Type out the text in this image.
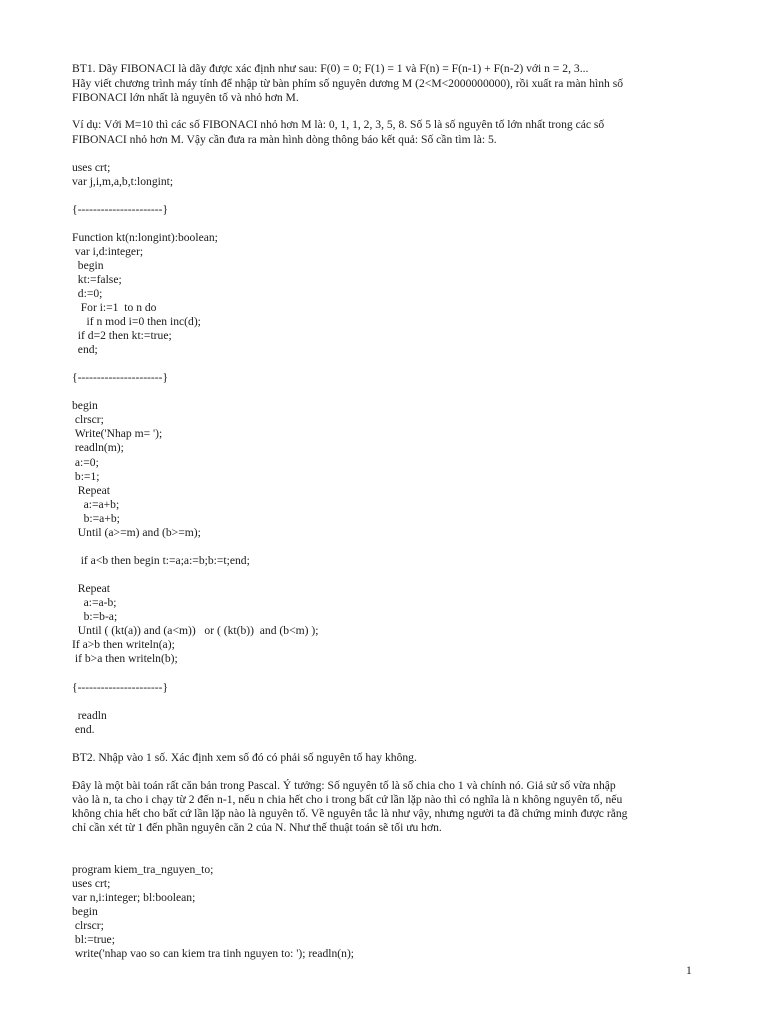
BT1. Dãy FIBONACI là dãy được xác định như sau: F(0) = 0; F(1) = 1 và F(n) = F(n-1) + F(n-2) với n = 2, 3...
Hãy viết chương trình máy tính để nhập từ bàn phím số nguyên dương M (2<M<2000000000), rồi xuất ra màn hình số
FIBONACI lớn nhất là nguyên tố và nhỏ hơn M.
Ví dụ: Với M=10 thì các số FIBONACI nhỏ hơn M là: 0, 1, 1, 2, 3, 5, 8. Số 5 là số nguyên tố lớn nhất trong các số
FIBONACI nhỏ hơn M. Vậy cần đưa ra màn hình dòng thông báo kết quả: Số cần tìm là: 5.
uses crt;
var j,i,m,a,b,t:longint;
{----------------------}
Function kt(n:longint):boolean;
var i,d:integer;
begin
kt:=false;
d:=0;
For i:=1  to n do
if n mod i=0 then inc(d);
if d=2 then kt:=true;
end;
{----------------------}
begin
clrscr;
Write('Nhap m= ');
readln(m);
a:=0;
b:=1;
Repeat
a:=a+b;
b:=a+b;
Until (a>=m) and (b>=m);
if a<b then begin t:=a;a:=b;b:=t;end;
Repeat
a:=a-b;
b:=b-a;
Until ( (kt(a)) and (a<m))   or ( (kt(b))  and (b<m) );
If a>b then writeln(a);
if b>a then writeln(b);
{----------------------}
readln
end.
BT2. Nhập vào 1 số. Xác định xem số đó có phải số nguyên tố hay không.
Đây là một bài toán rất căn bản trong Pascal. Ý tưởng: Số nguyên tố là số chia cho 1 và chính nó. Giả sử số vừa nhập
vào là n, ta cho i chạy từ 2 đến n-1, nếu n chia hết cho i trong bất cứ lần lặp nào thì có nghĩa là n không nguyên tố, nếu
không chia hết cho bất cứ lần lặp nào là nguyên tố. Về nguyên tắc là như vậy, nhưng người ta đã chứng minh được rằng
chỉ cần xét từ 1 đến phần nguyên căn 2 của N. Như thế thuật toán sẽ tối ưu hơn.
program kiem_tra_nguyen_to;
uses crt;
var n,i:integer; bl:boolean;
begin
clrscr;
bl:=true;
write('nhap vao so can kiem tra tinh nguyen to: '); readln(n);
1
